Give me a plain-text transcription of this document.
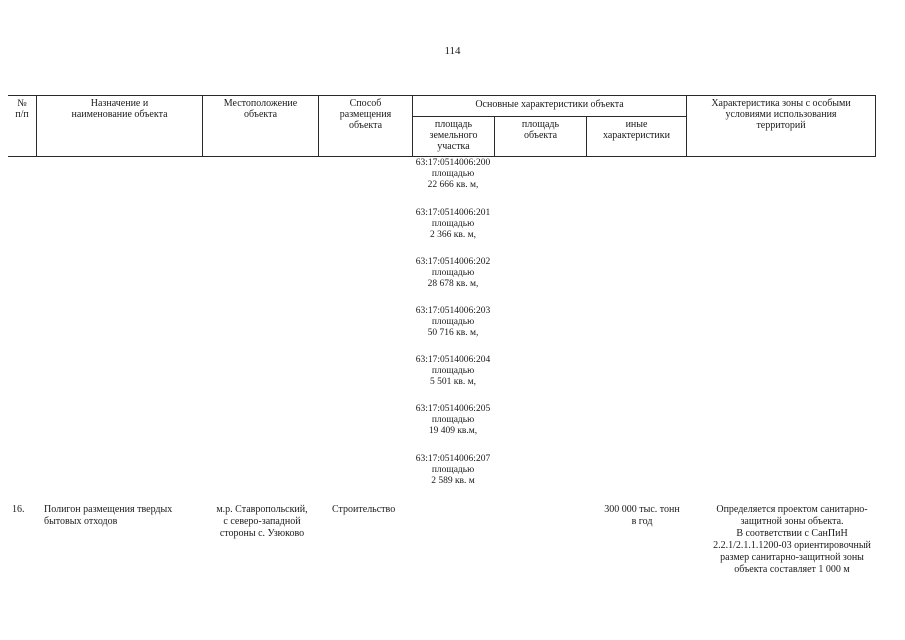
114
№
п/п
Назначение и
наименование объекта
Местоположение
объекта
Способ
размещения
объекта
Основные характеристики объекта
площадь
земельного
участка
площадь
объекта
иные
характеристики
Характеристика зоны с особыми
условиями использования
территорий
63:17:0514006:200
площадью
22 666 кв. м,
63:17:0514006:201
площадью
2 366 кв. м,
63:17:0514006:202
площадью
28 678 кв. м,
63:17:0514006:203
площадью
50 716 кв. м,
63:17:0514006:204
площадью
5 501 кв. м,
63:17:0514006:205
площадью
19 409 кв.м,
63:17:0514006:207
площадью
2 589 кв. м
16. Полигон размещения твердых
бытовых отходов
м.р. Ставропольский,
с северо-западной
стороны с. Узюково
Строительство	300 000 тыс. тонн
в год
Определяется проектом санитарно-
защитной зоны объекта.
В соответствии с СанПиН
2.2.1/2.1.1.1200-03 ориентировочный
размер санитарно-защитной зоны
объекта составляет 1 000 м
